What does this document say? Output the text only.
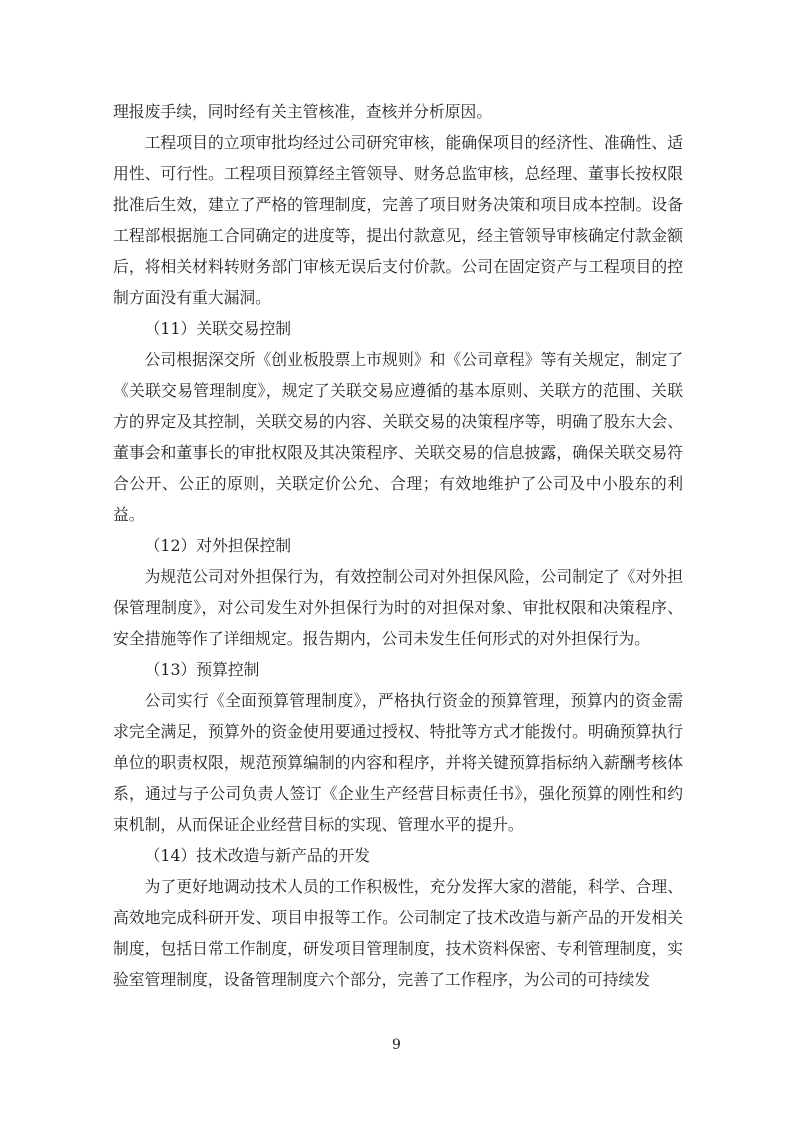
理报废手续，同时经有关主管核准，查核并分析原因。

工程项目的立项审批均经过公司研究审核，能确保项目的经济性、准确性、适用性、可行性。工程项目预算经主管领导、财务总监审核，总经理、董事长按权限批准后生效，建立了严格的管理制度，完善了项目财务决策和项目成本控制。设备工程部根据施工合同确定的进度等，提出付款意见，经主管领导审核确定付款金额后，将相关材料转财务部门审核无误后支付价款。公司在固定资产与工程项目的控制方面没有重大漏洞。

（11）关联交易控制

公司根据深交所《创业板股票上市规则》和《公司章程》等有关规定，制定了《关联交易管理制度》，规定了关联交易应遵循的基本原则、关联方的范围、关联方的界定及其控制，关联交易的内容、关联交易的决策程序等，明确了股东大会、董事会和董事长的审批权限及其决策程序、关联交易的信息披露，确保关联交易符合公开、公正的原则，关联定价公允、合理；有效地维护了公司及中小股东的利益。

（12）对外担保控制

为规范公司对外担保行为，有效控制公司对外担保风险，公司制定了《对外担保管理制度》，对公司发生对外担保行为时的对担保对象、审批权限和决策程序、安全措施等作了详细规定。报告期内，公司未发生任何形式的对外担保行为。

（13）预算控制

公司实行《全面预算管理制度》，严格执行资金的预算管理，预算内的资金需求完全满足，预算外的资金使用要通过授权、特批等方式才能拨付。明确预算执行单位的职责权限，规范预算编制的内容和程序，并将关键预算指标纳入薪酬考核体系，通过与子公司负责人签订《企业生产经营目标责任书》，强化预算的刚性和约束机制，从而保证企业经营目标的实现、管理水平的提升。

（14）技术改造与新产品的开发

为了更好地调动技术人员的工作积极性，充分发挥大家的潜能，科学、合理、高效地完成科研开发、项目申报等工作。公司制定了技术改造与新产品的开发相关制度，包括日常工作制度，研发项目管理制度，技术资料保密、专利管理制度，实验室管理制度，设备管理制度六个部分，完善了工作程序，为公司的可持续发

9
